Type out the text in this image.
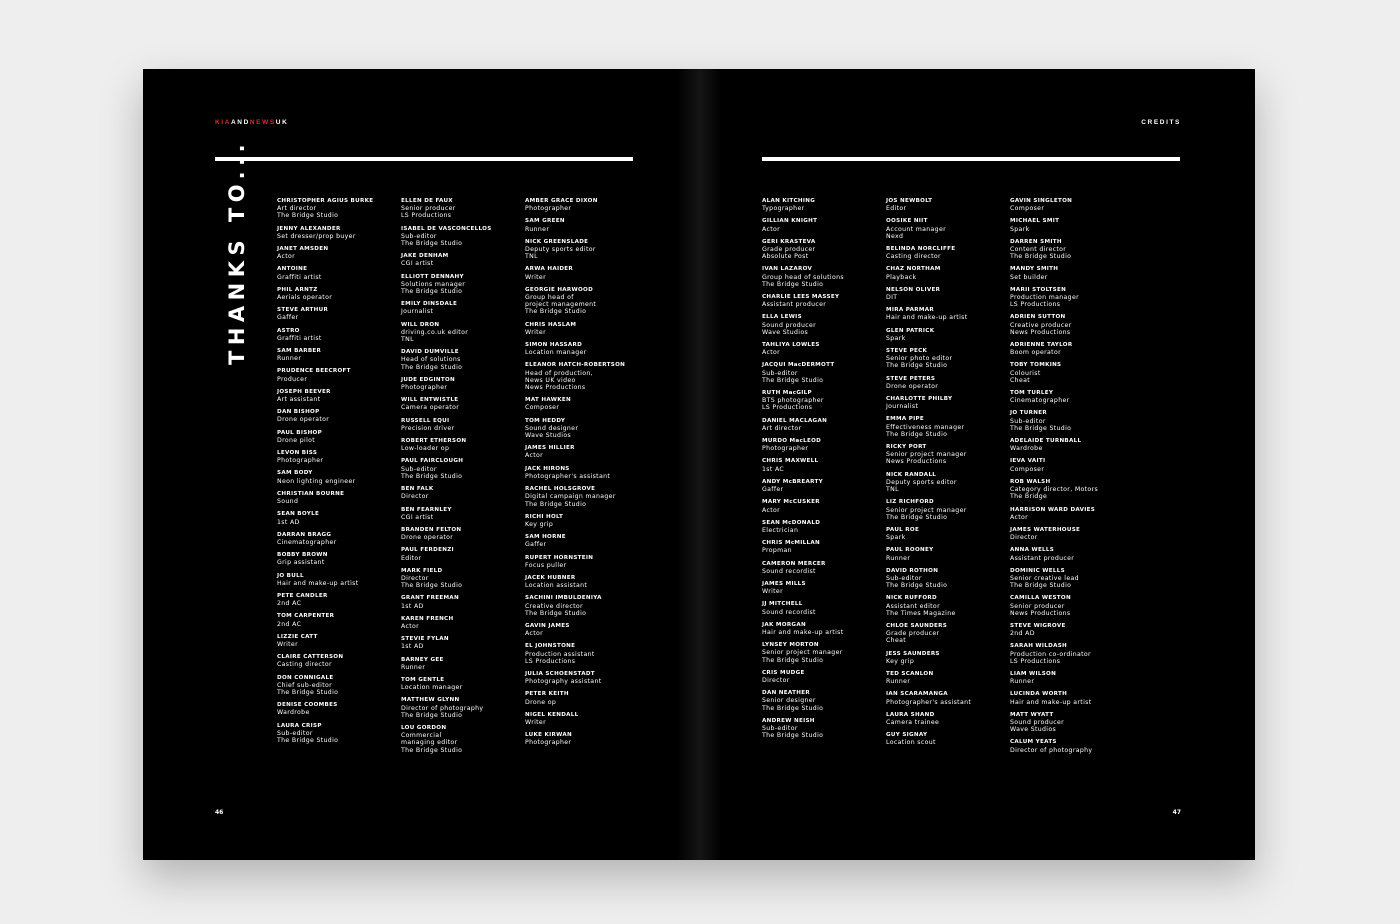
KIAANDNEWSUK
THANKS TO...	CHRISTOPHER AGIUS BURKE
Art director
The Bridge Studio
JENNY ALEXANDER
Set dresser/prop buyer
JANET AMSDEN
Actor
ANTOINE
Graffiti artist
PHIL ARNTZ
Aerials operator
STEVE ARTHUR
Gaffer
ASTRO
Graffiti artist
SAM BARBER
Runner
PRUDENCE BEECROFT
Producer
JOSEPH BEEVER
Art assistant
DAN BISHOP
Drone operator
PAUL BISHOP
Drone pilot
LEVON BISS
Photographer
SAM BODY
Neon lighting engineer
CHRISTIAN BOURNE
Sound
SEAN BOYLE
1st AD
DARRAN BRAGG
Cinematographer
BOBBY BROWN
Grip assistant
JO BULL
Hair and make-up artist
PETE CANDLER
2nd AC
TOM CARPENTER
2nd AC
LIZZIE CATT
Writer
CLAIRE CATTERSON
Casting director
DON CONNIGALE
Chief sub-editor
The Bridge Studio
DENISE COOMBES
Wardrobe
LAURA CRISP
Sub-editor
The Bridge Studio
ELLEN DE FAUX
Senior producer
LS Productions
ISABEL DE VASCONCELLOS
Sub-editor
The Bridge Studio
JAKE DENHAM
CGI artist
ELLIOTT DENNAHY
Solutions manager
The Bridge Studio
EMILY DINSDALE
Journalist
WILL DRON
driving.co.uk editor
TNL
DAVID DUMVILLE
Head of solutions
The Bridge Studio
JUDE EDGINTON
Photographer
WILL ENTWISTLE
Camera operator
RUSSELL EQUI
Precision driver
ROBERT ETHERSON
Low-loader op
PAUL FAIRCLOUGH
Sub-editor
The Bridge Studio
BEN FALK
Director
BEN FEARNLEY
CGI artist
BRANDEN FELTON
Drone operator
PAUL FERDENZI
Editor
MARK FIELD
Director
The Bridge Studio
GRANT FREEMAN
1st AD
KAREN FRENCH
Actor
STEVIE FYLAN
1st AD
BARNEY GEE
Runner
TOM GENTLE
Location manager
MATTHEW GLYNN
Director of photography
The Bridge Studio
LOU GORDON
Commercial
managing editor
The Bridge Studio
AMBER GRACE DIXON
Photographer
SAM GREEN
Runner
NICK GREENSLADE
Deputy sports editor
TNL
ARWA HAIDER
Writer
GEORGIE HARWOOD
Group head of
project management
The Bridge Studio
CHRIS HASLAM
Writer
SIMON HASSARD
Location manager
ELEANOR HATCH-ROBERTSON
Head of production,
News UK video
News Productions
MAT HAWKEN
Composer
TOM HEDDY
Sound designer
Wave Studios
JAMES HILLIER
Actor
JACK HIRONS
Photographer's assistant
RACHEL HOLSGROVE
Digital campaign manager
The Bridge Studio
RICHI HOLT
Key grip
SAM HORNE
Gaffer
RUPERT HORNSTEIN
Focus puller
JACEK HUBNER
Location assistant
SACHINI IMBULDENIYA
Creative director
The Bridge Studio
GAVIN JAMES
Actor
EL JOHNSTONE
Production assistant
LS Productions
JULIA SCHOENSTADT
Photography assistant
PETER KEITH
Drone op
NIGEL KENDALL
Writer
LUKE KIRWAN
Photographer
46
CREDITS
ALAN KITCHING
Typographer
GILLIAN KNIGHT
Actor
GERI KRASTEVA
Grade producer
Absolute Post
IVAN LAZAROV
Group head of solutions
The Bridge Studio
CHARLIE LEES MASSEY
Assistant producer
ELLA LEWIS
Sound producer
Wave Studios
TAHLIYA LOWLES
Actor
JACQUI MacDERMOTT
Sub-editor
The Bridge Studio
RUTH MacGILP
BTS photographer
LS Productions
DANIEL MACLAGAN
Art director
MURDO MacLEOD
Photographer
CHRIS MAXWELL
1st AC
ANDY McBREARTY
Gaffer
MARY McCUSKER
Actor
SEAN McDONALD
Electrician
CHRIS McMILLAN
Propman
CAMERON MERCER
Sound recordist
JAMES MILLS
Writer
JJ MITCHELL
Sound recordist
JAK MORGAN
Hair and make-up artist
LYNSEY MORTON
Senior project manager
The Bridge Studio
CRIS MUDGE
Director
DAN NEATHER
Senior designer
The Bridge Studio
ANDREW NEISH
Sub-editor
The Bridge Studio
JOS NEWBOLT
Editor
OOSIKE NIIT
Account manager
Nexd
BELINDA NORCLIFFE
Casting director
CHAZ NORTHAM
Playback
NELSON OLIVER
DIT
MIRA PARMAR
Hair and make-up artist
GLEN PATRICK
Spark
STEVE PECK
Senior photo editor
The Bridge Studio
STEVE PETERS
Drone operator
CHARLOTTE PHILBY
Journalist
EMMA PIPE
Effectiveness manager
The Bridge Studio
RICKY PORT
Senior project manager
News Productions
NICK RANDALL
Deputy sports editor
TNL
LIZ RICHFORD
Senior project manager
The Bridge Studio
PAUL ROE
Spark
PAUL ROONEY
Runner
DAVID ROTHON
Sub-editor
The Bridge Studio
NICK RUFFORD
Assistant editor
The Times Magazine
CHLOE SAUNDERS
Grade producer
Cheat
JESS SAUNDERS
Key grip
TED SCANLON
Runner
IAN SCARAMANGA
Photographer's assistant
LAURA SHAND
Camera trainee
GUY SIGNAY
Location scout
GAVIN SINGLETON
Composer
MICHAEL SMIT
Spark
DARREN SMITH
Content director
The Bridge Studio
MANDY SMITH
Set builder
MARII STOLTSEN
Production manager
LS Productions
ADRIEN SUTTON
Creative producer
News Productions
ADRIENNE TAYLOR
Boom operator
TOBY TOMKINS
Colourist
Cheat
TOM TURLEY
Cinematographer
JO TURNER
Sub-editor
The Bridge Studio
ADELAIDE TURNBALL
Wardrobe
IEVA VAITI
Composer
ROB WALSH
Category director, Motors
The Bridge
HARRISON WARD DAVIES
Actor
JAMES WATERHOUSE
Director
ANNA WELLS
Assistant producer
DOMINIC WELLS
Senior creative lead
The Bridge Studio
CAMILLA WESTON
Senior producer
News Productions
STEVE WIGROVE
2nd AD
SARAH WILDASH
Production co-ordinator
LS Productions
LIAM WILSON
Runner
LUCINDA WORTH
Hair and make-up artist
MATT WYATT
Sound producer
Wave Studios
CALUM YEATS
Director of photography
47
